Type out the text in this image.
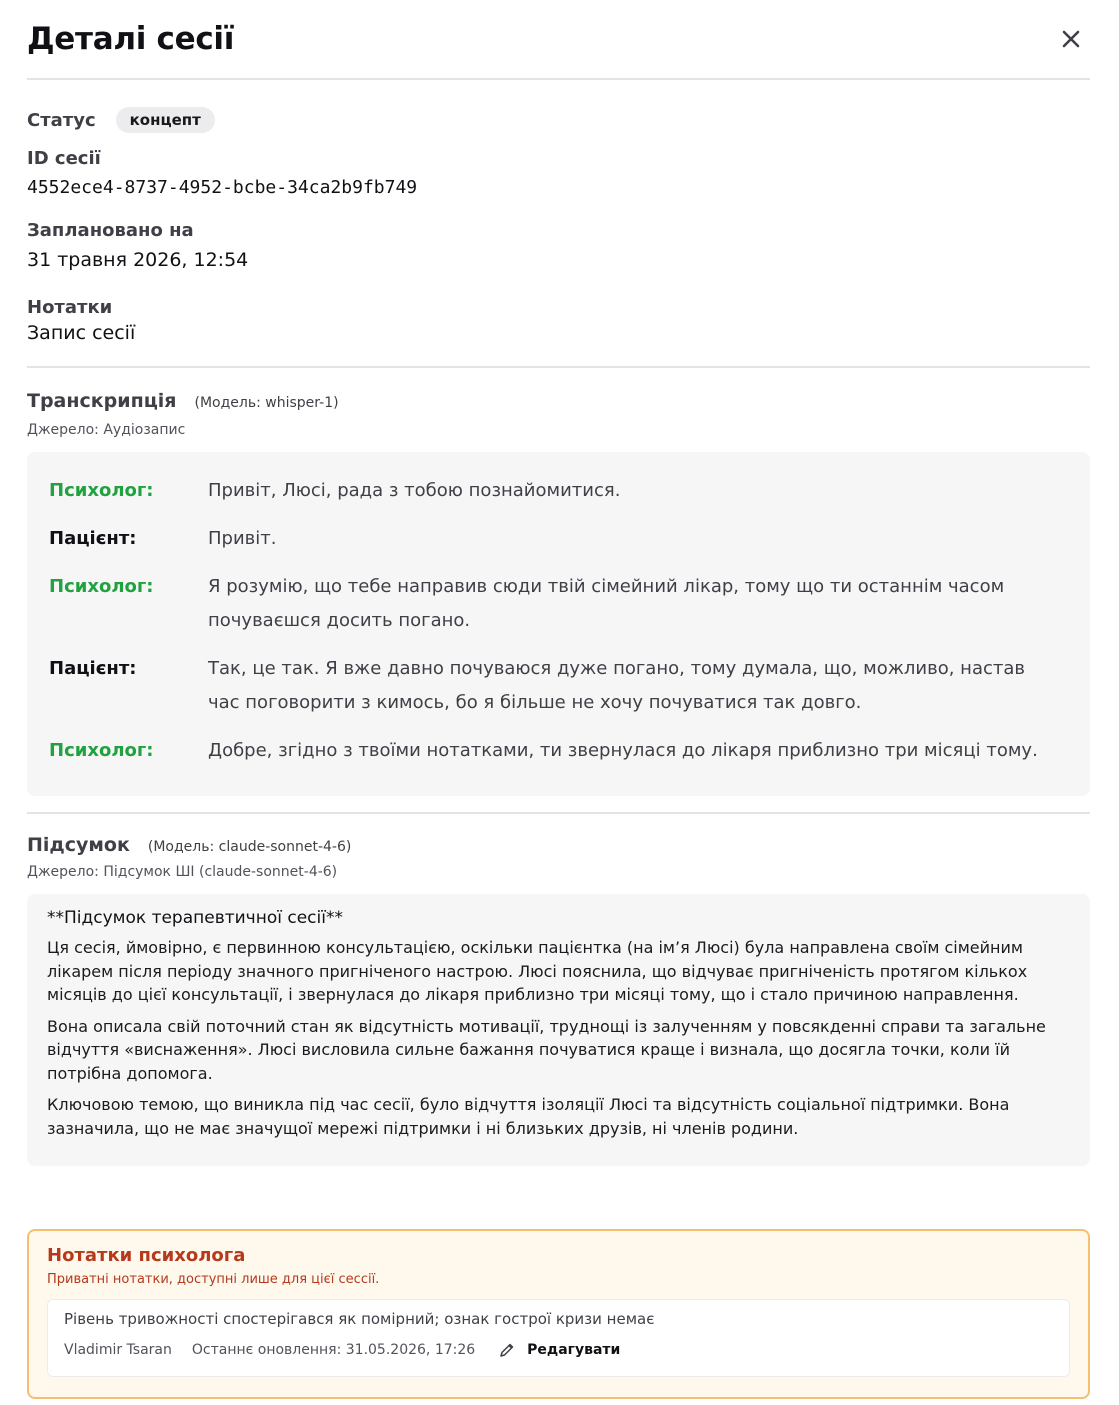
Деталі сесії
Статус	концепт
ID сесії
4552ece4-8737-4952-bcbe-34ca2b9fb749
Заплановано на
31 травня 2026, 12:54
Нотатки
Запис сесії
Транскрипція (Модель: whisper-1)
Джерело: Аудіозапис
Психолог:	Привіт, Люсі, рада з тобою познайомитися.
Пацієнт:	Привіт.
Психолог:	Я розумію, що тебе направив сюди твій сімейний лікар, тому що ти останнім часом почуваєшся досить погано.
Пацієнт:	Так, це так. Я вже давно почуваюся дуже погано, тому думала, що, можливо, настав час поговорити з кимось, бо я більше не хочу почуватися так довго.
Психолог:	Добре, згідно з твоїми нотатками, ти звернулася до лікаря приблизно три місяці тому.
Підсумок (Модель: claude-sonnet-4-6)
Джерело: Підсумок ШІ (claude-sonnet-4-6)
**Підсумок терапевтичної сесії**

Ця сесія, ймовірно, є первинною консультацією, оскільки пацієнтка (на ім’я Люсі) була направлена своїм сімейним лікарем після періоду значного пригніченого настрою. Люсі пояснила, що відчуває пригніченість протягом кількох місяців до цієї консультації, і звернулася до лікаря приблизно три місяці тому, що і стало причиною направлення.

Вона описала свій поточний стан як відсутність мотивації, труднощі із залученням у повсякденні справи та загальне відчуття «виснаження». Люсі висловила сильне бажання почуватися краще і визнала, що досягла точки, коли їй потрібна допомога.

Ключовою темою, що виникла під час сесії, було відчуття ізоляції Люсі та відсутність соціальної підтримки. Вона зазначила, що не має значущої мережі підтримки і ні близьких друзів, ні членів родини.

Нотатки психолога
Приватні нотатки, доступні лише для цієї сессії.
Рівень тривожності спостерігався як помірний; ознак гострої кризи немає
Vladimir Tsaran Останнє оновлення: 31.05.2026, 17:26	Редагувати
